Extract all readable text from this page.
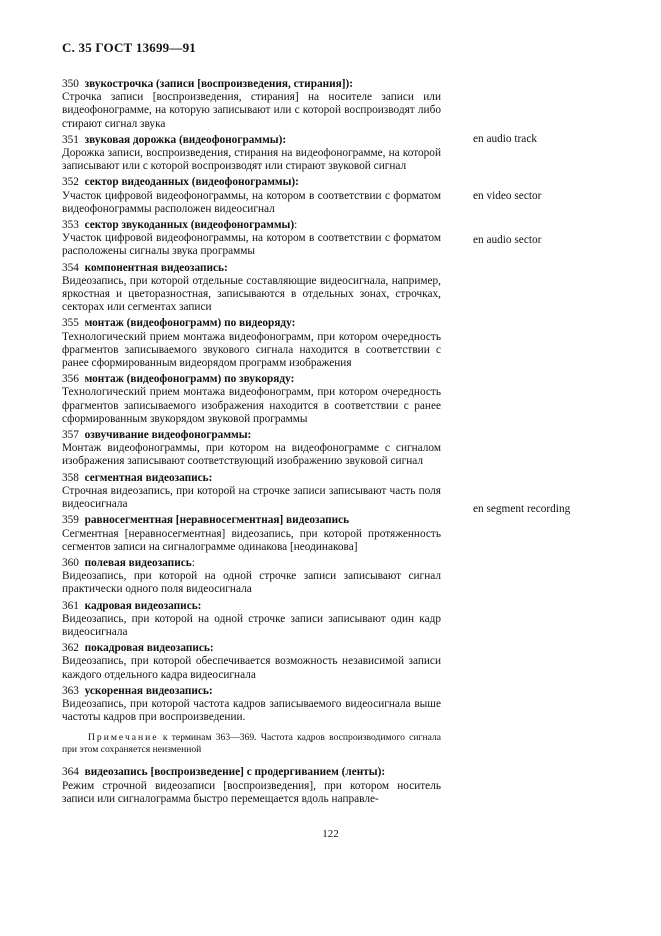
С. 35 ГОСТ 13699—91
350 звукострочка (записи [воспроизведения, стирания]):
Строчка записи [воспроизведения, стирания] на носителе записи или видеофонограмме, на которую записывают или с которой воспроизводят либо стирают сигнал звука
351 звуковая дорожка (видеофонограммы):
Дорожка записи, воспроизведения, стирания на видеофонограмме, на которой записывают или с которой воспроизводят или стирают звуковой сигнал
352 сектор видеоданных (видеофонограммы):
Участок цифровой видеофонограммы, на котором в соответствии с форматом видеофонограммы расположен видеосигнал
353 сектор звукоданных (видеофонограммы):
Участок цифровой видеофонограммы, на котором в соответствии с форматом расположены сигналы звука программы
354 компонентная видеозапись:
Видеозапись, при которой отдельные составляющие видеосигнала, например, яркостная и цветоразностная, записываются в отдельных зонах, строчках, секторах или сегментах записи
355 монтаж (видеофонограмм) по видеоряду:
Технологический прием монтажа видеофонограмм, при котором очередность фрагментов записываемого звукового сигнала находится в соответствии с ранее сформированным видеорядом программ изображения
356 монтаж (видеофонограмм) по звукоряду:
Технологический прием монтажа видеофонограмм, при котором очередность фрагментов записываемого изображения находится в соответствии с ранее сформированным звукорядом звуковой программы
357 озвучивание видеофонограммы:
Монтаж видеофонограммы, при котором на видеофонограмме с сигналом изображения записывают соответствующий изображению звуковой сигнал
358 сегментная видеозапись:
Строчная видеозапись, при которой на строчке записи записывают часть поля видеосигнала
359 равносегментная [неравносегментная] видеозапись
Сегментная [неравносегментная] видеозапись, при которой протяженность сегментов записи на сигналограмме одинакова [неодинакова]
360 полевая видеозапись:
Видеозапись, при которой на одной строчке записи записывают сигнал практически одного поля видеосигнала
361 кадровая видеозапись:
Видеозапись, при которой на одной строчке записи записывают один кадр видеосигнала
362 покадровая видеозапись:
Видеозапись, при которой обеспечивается возможность независимой записи каждого отдельного кадра видеосигнала
363 ускоренная видеозапись:
Видеозапись, при которой частота кадров записываемого видеосигнала выше частоты кадров при воспроизведении.
Примечание к терминам 363—369. Частота кадров воспроизводимого сигнала при этом сохраняется неизменной
364 видеозапись [воспроизведение] с продергиванием (ленты):
Режим строчной видеозаписи [воспроизведения], при котором носитель записи или сигналограмма быстро перемещается вдоль направле-
en audio track
en video sector
en audio sector
en segment recording
122
